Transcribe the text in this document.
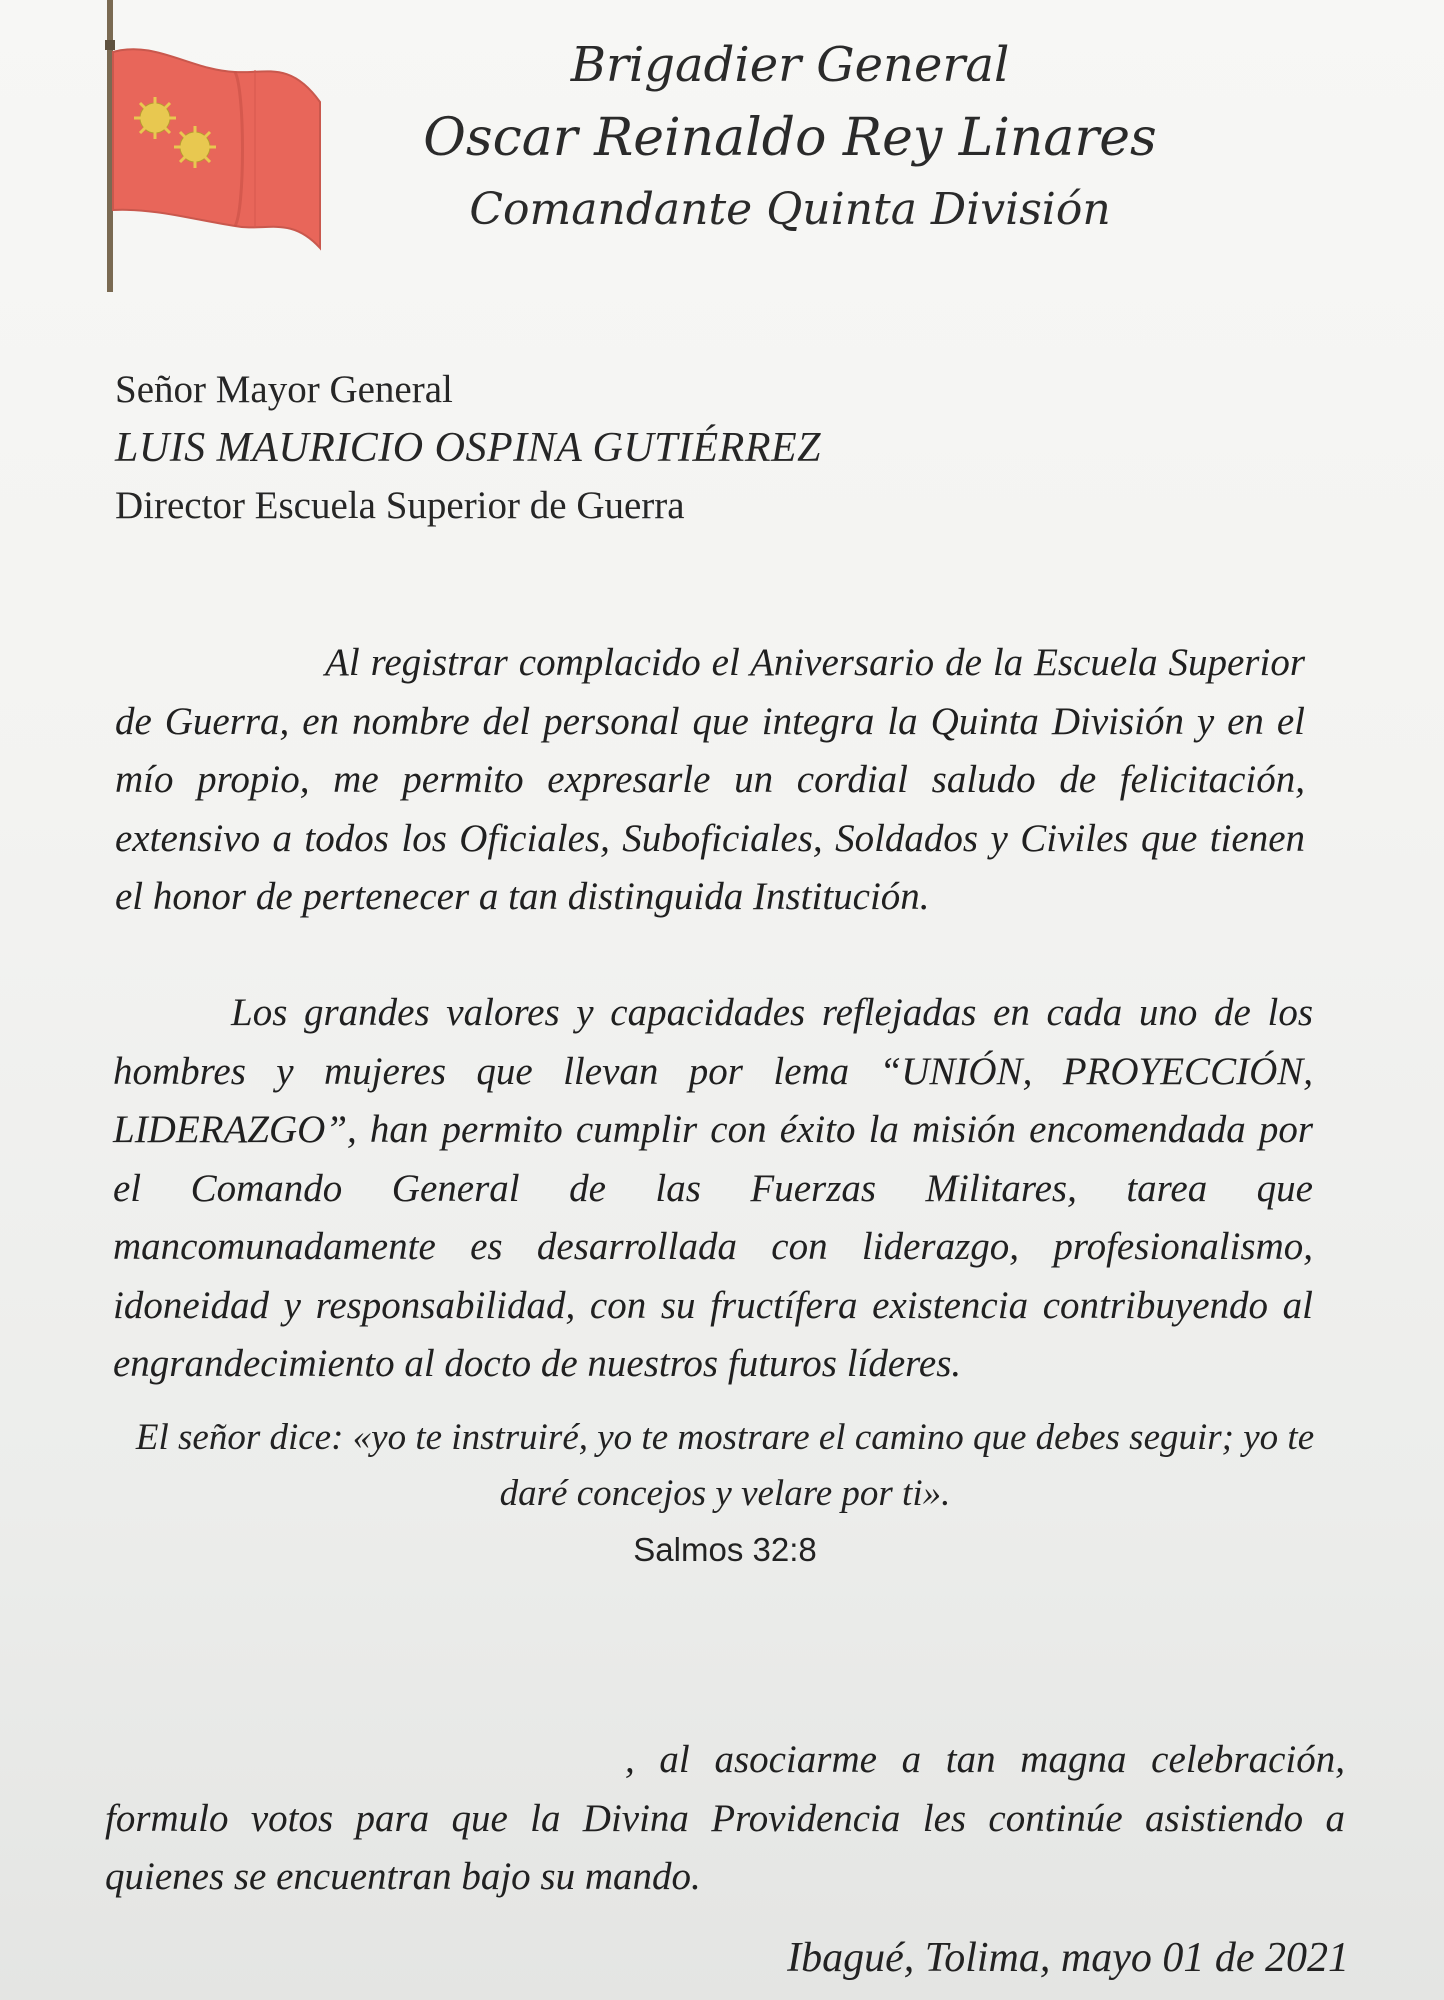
Brigadier General
Oscar Reinaldo Rey Linares
Comandante Quinta División
Señor Mayor General
LUIS MAURICIO OSPINA GUTIÉRREZ
Director Escuela Superior de Guerra

Al registrar complacido el Aniversario de la Escuela Superior de Guerra, en nombre del personal que integra la Quinta División y en el mío propio, me permito expresarle un cordial saludo de felicitación, extensivo a todos los Oficiales, Suboficiales, Soldados y Civiles que tienen el honor de pertenecer a tan distinguida Institución.

Los grandes valores y capacidades reflejadas en cada uno de los hombres y mujeres que llevan por lema “UNIÓN, PROYECCIÓN, LIDERAZGO”, han permito cumplir con éxito la misión encomendada por el Comando General de las Fuerzas Militares, tarea que mancomunadamente es desarrollada con liderazgo, profesionalismo, idoneidad y responsabilidad, con su fructífera existencia contribuyendo al engrandecimiento al docto de nuestros futuros líderes.

El señor dice: «yo te instruiré, yo te mostrare el camino que debes seguir; yo te daré concejos y velare por ti».
Salmos 32:8

, al asociarme a tan magna celebración, formulo votos para que la Divina Providencia les continúe asistiendo a quienes se encuentran bajo su mando.

Ibagué, Tolima, mayo 01 de 2021
